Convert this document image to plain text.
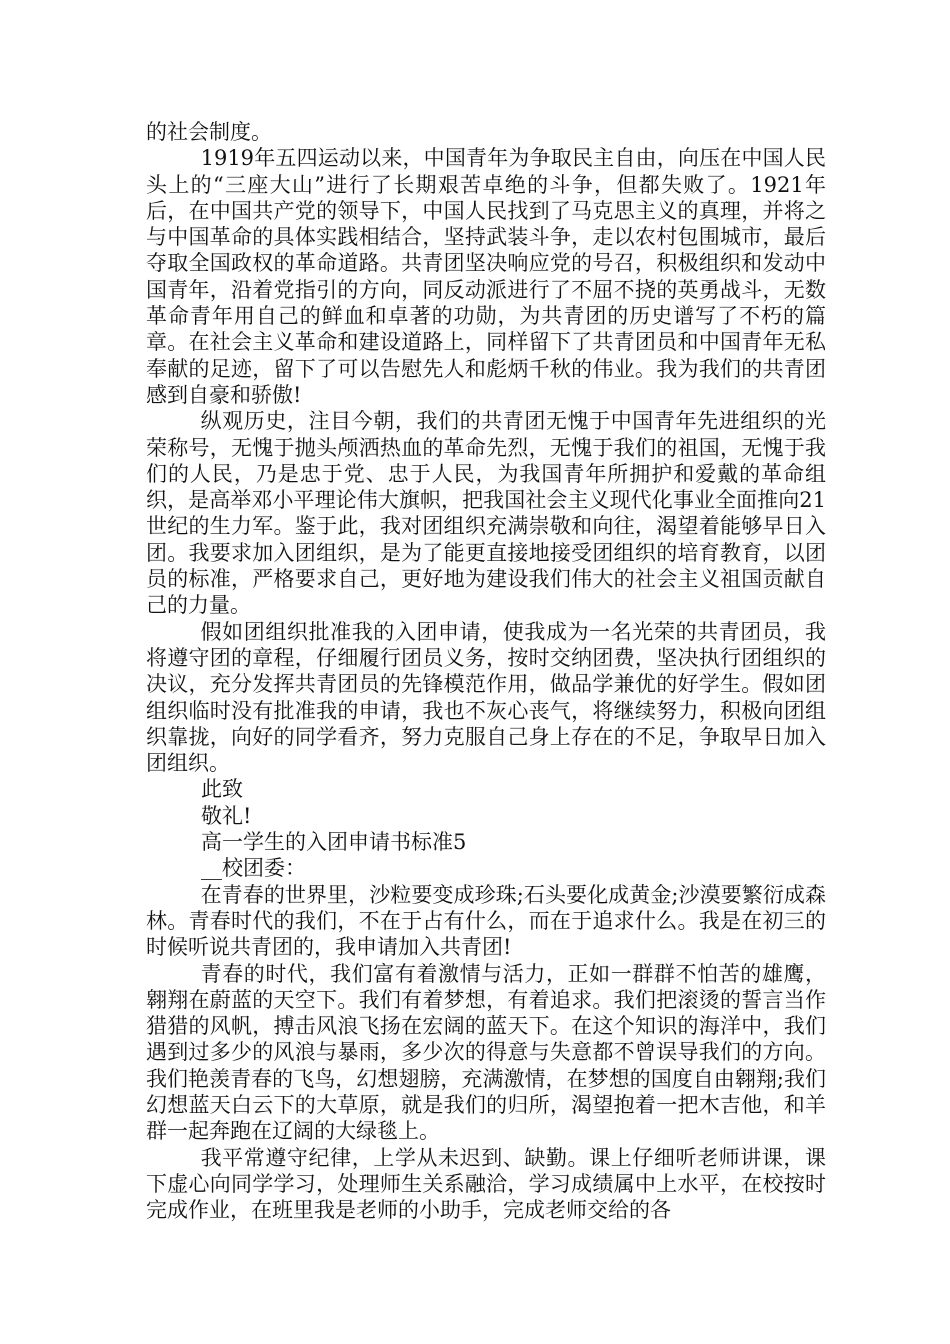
的社会制度。

1919年五四运动以来，中国青年为争取民主自由，向压在中国人民头上的“三座大山”进行了长期艰苦卓绝的斗争，但都失败了。1921年后，在中国共产党的领导下，中国人民找到了马克思主义的真理，并将之与中国革命的具体实践相结合，坚持武装斗争，走以农村包围城市，最后夺取全国政权的革命道路。共青团坚决响应党的号召，积极组织和发动中国青年，沿着党指引的方向，同反动派进行了不屈不挠的英勇战斗，无数革命青年用自己的鲜血和卓著的功勋，为共青团的历史谱写了不朽的篇章。在社会主义革命和建设道路上，同样留下了共青团员和中国青年无私奉献的足迹，留下了可以告慰先人和彪炳千秋的伟业。我为我们的共青团感到自豪和骄傲!

纵观历史，注目今朝，我们的共青团无愧于中国青年先进组织的光荣称号，无愧于抛头颅洒热血的革命先烈，无愧于我们的祖国，无愧于我们的人民，乃是忠于党、忠于人民，为我国青年所拥护和爱戴的革命组织，是高举邓小平理论伟大旗帜，把我国社会主义现代化事业全面推向21世纪的生力军。鉴于此，我对团组织充满崇敬和向往，渴望着能够早日入团。我要求加入团组织，是为了能更直接地接受团组织的培育教育，以团员的标准，严格要求自己，更好地为建设我们伟大的社会主义祖国贡献自己的力量。

假如团组织批准我的入团申请，使我成为一名光荣的共青团员，我将遵守团的章程，仔细履行团员义务，按时交纳团费，坚决执行团组织的决议，充分发挥共青团员的先锋模范作用，做品学兼优的好学生。假如团组织临时没有批准我的申请，我也不灰心丧气，将继续努力，积极向团组织靠拢，向好的同学看齐，努力克服自己身上存在的不足，争取早日加入团组织。

此致

敬礼!

高一学生的入团申请书标准5

__校团委：

在青春的世界里，沙粒要变成珍珠;石头要化成黄金;沙漠要繁衍成森林。青春时代的我们，不在于占有什么，而在于追求什么。我是在初三的时候听说共青团的，我申请加入共青团!

青春的时代，我们富有着激情与活力，正如一群群不怕苦的雄鹰，翱翔在蔚蓝的天空下。我们有着梦想，有着追求。我们把滚烫的誓言当作猎猎的风帆，搏击风浪飞扬在宏阔的蓝天下。在这个知识的海洋中，我们遇到过多少的风浪与暴雨，多少次的得意与失意都不曾误导我们的方向。我们艳羡青春的飞鸟，幻想翅膀，充满激情，在梦想的国度自由翱翔;我们幻想蓝天白云下的大草原，就是我们的归所，渴望抱着一把木吉他，和羊群一起奔跑在辽阔的大绿毯上。

我平常遵守纪律，上学从未迟到、缺勤。课上仔细听老师讲课，课下虚心向同学学习，处理师生关系融洽，学习成绩属中上水平，在校按时完成作业，在班里我是老师的小助手，完成老师交给的各
